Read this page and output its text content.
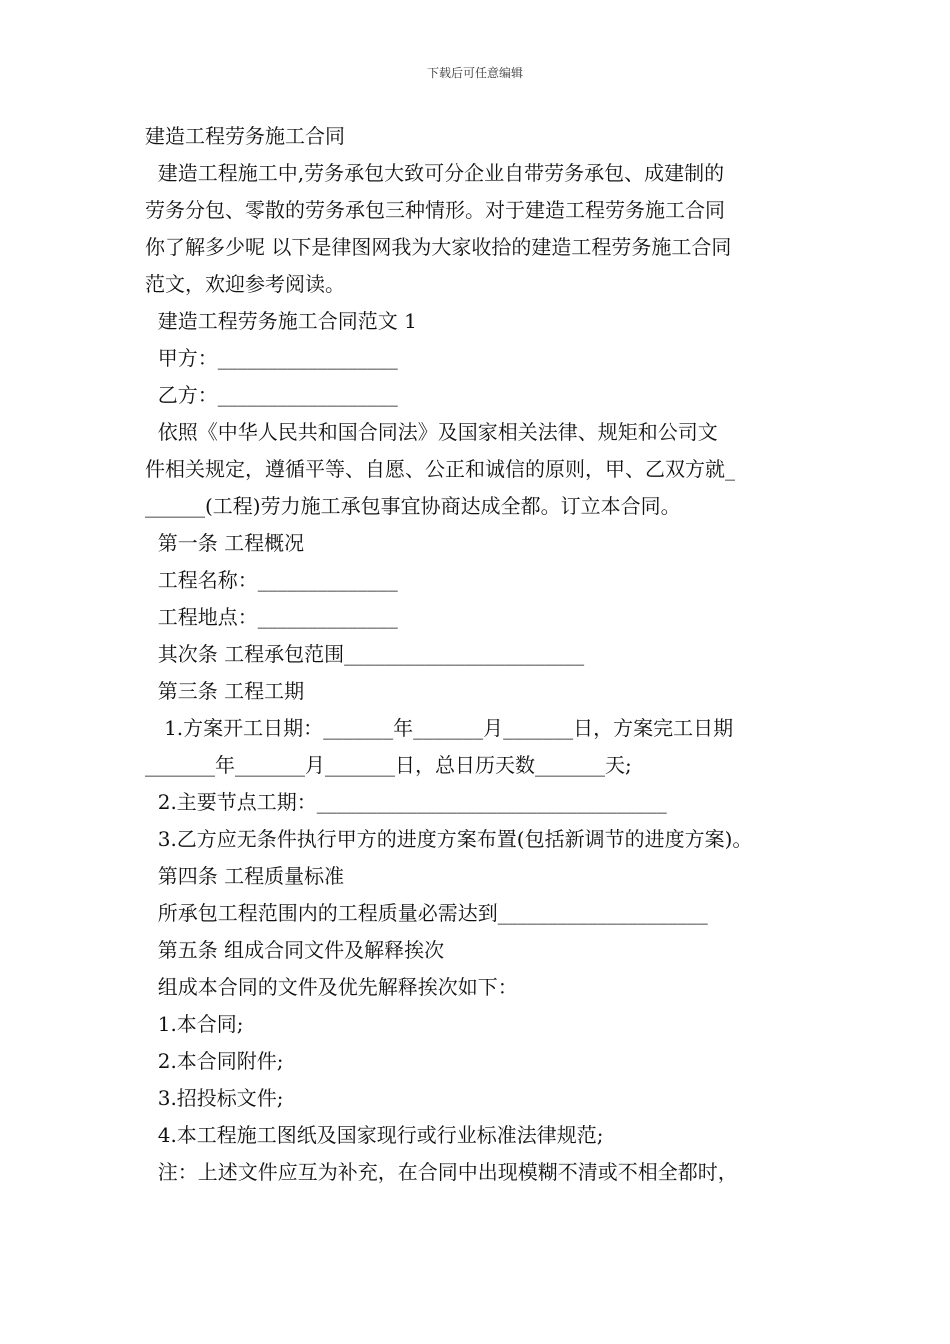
下载后可任意编辑
建造工程劳务施工合同
建造工程施工中,劳务承包大致可分企业自带劳务承包、成建制的
劳务分包、零散的劳务承包三种情形。对于建造工程劳务施工合同
你了解多少呢 以下是律图网我为大家收拾的建造工程劳务施工合同
范文，欢迎参考阅读。
建造工程劳务施工合同范文 1
甲方：__________________
乙方：__________________
依照《中华人民共和国合同法》及国家相关法律、规矩和公司文
件相关规定，遵循平等、自愿、公正和诚信的原则，甲、乙双方就_
______(工程)劳力施工承包事宜协商达成全都。订立本合同。
第一条 工程概况
工程名称：______________
工程地点：______________
其次条 工程承包范围________________________
第三条 工程工期
1.方案开工日期：_______年_______月_______日，方案完工日期
_______年_______月_______日，总日历天数_______天;
2.主要节点工期：___________________________________
3.乙方应无条件执行甲方的进度方案布置(包括新调节的进度方案)。
第四条 工程质量标准
所承包工程范围内的工程质量必需达到_____________________
第五条 组成合同文件及解释挨次
组成本合同的文件及优先解释挨次如下：
1.本合同;
2.本合同附件;
3.招投标文件;
4.本工程施工图纸及国家现行或行业标准法律规范;
注：上述文件应互为补充，在合同中出现模糊不清或不相全都时，
